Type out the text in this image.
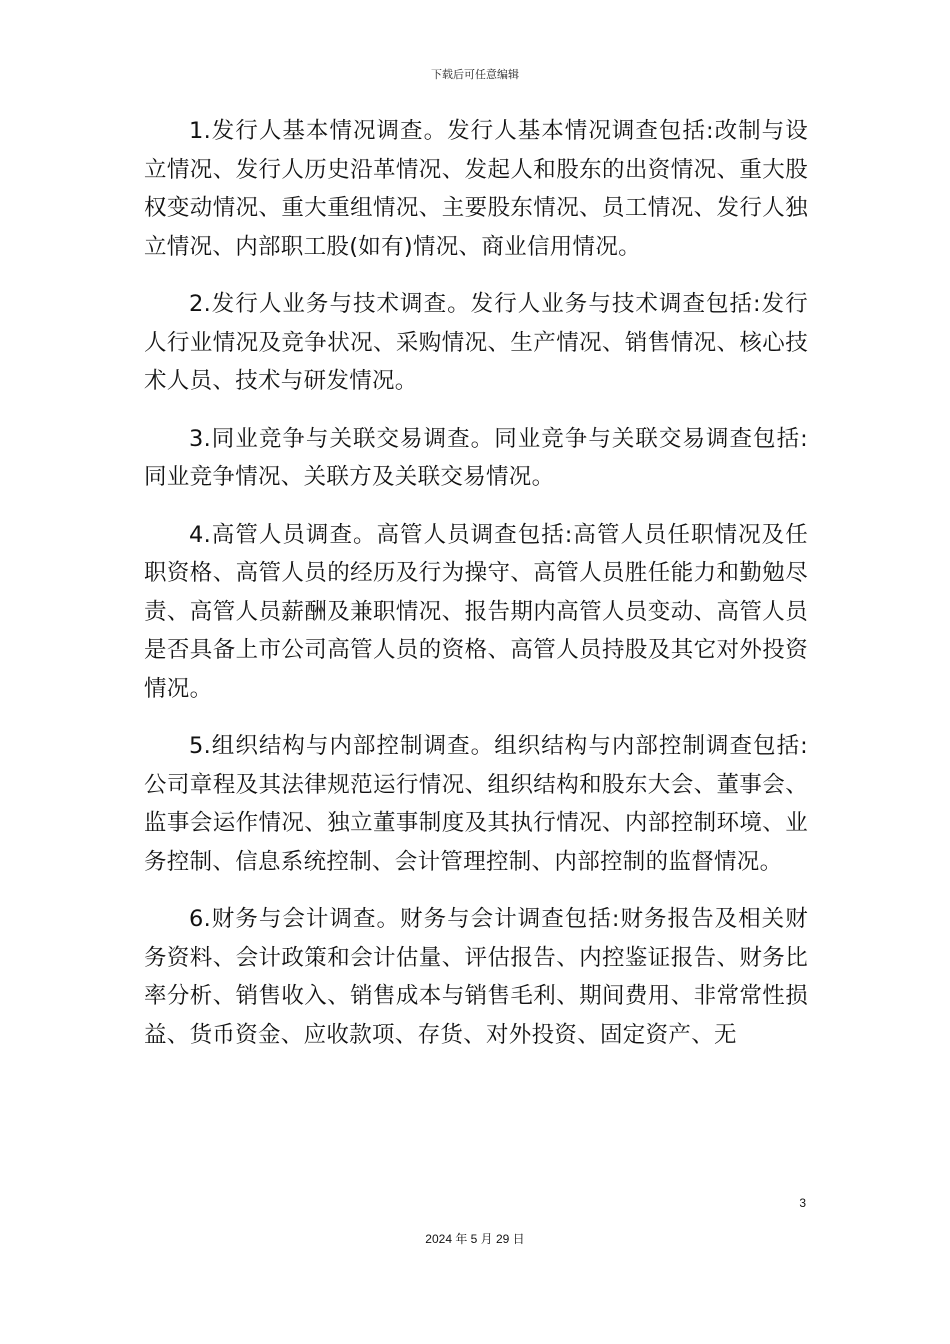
下载后可任意编辑

1.发行人基本情况调查。发行人基本情况调查包括:改制与设立情况、发行人历史沿革情况、发起人和股东的出资情况、重大股权变动情况、重大重组情况、主要股东情况、员工情况、发行人独立情况、内部职工股(如有)情况、商业信用情况。

2.发行人业务与技术调查。发行人业务与技术调查包括:发行人行业情况及竞争状况、采购情况、生产情况、销售情况、核心技术人员、技术与研发情况。

3.同业竞争与关联交易调查。同业竞争与关联交易调查包括:同业竞争情况、关联方及关联交易情况。

4.高管人员调查。高管人员调查包括:高管人员任职情况及任职资格、高管人员的经历及行为操守、高管人员胜任能力和勤勉尽责、高管人员薪酬及兼职情况、报告期内高管人员变动、高管人员是否具备上市公司高管人员的资格、高管人员持股及其它对外投资情况。

5.组织结构与内部控制调查。组织结构与内部控制调查包括:公司章程及其法律规范运行情况、组织结构和股东大会、董事会、监事会运作情况、独立董事制度及其执行情况、内部控制环境、业务控制、信息系统控制、会计管理控制、内部控制的监督情况。

6.财务与会计调查。财务与会计调查包括:财务报告及相关财务资料、会计政策和会计估量、评估报告、内控鉴证报告、财务比率分析、销售收入、销售成本与销售毛利、期间费用、非常常性损益、货币资金、应收款项、存货、对外投资、固定资产、无

3
2024 年 5 月 29 日
